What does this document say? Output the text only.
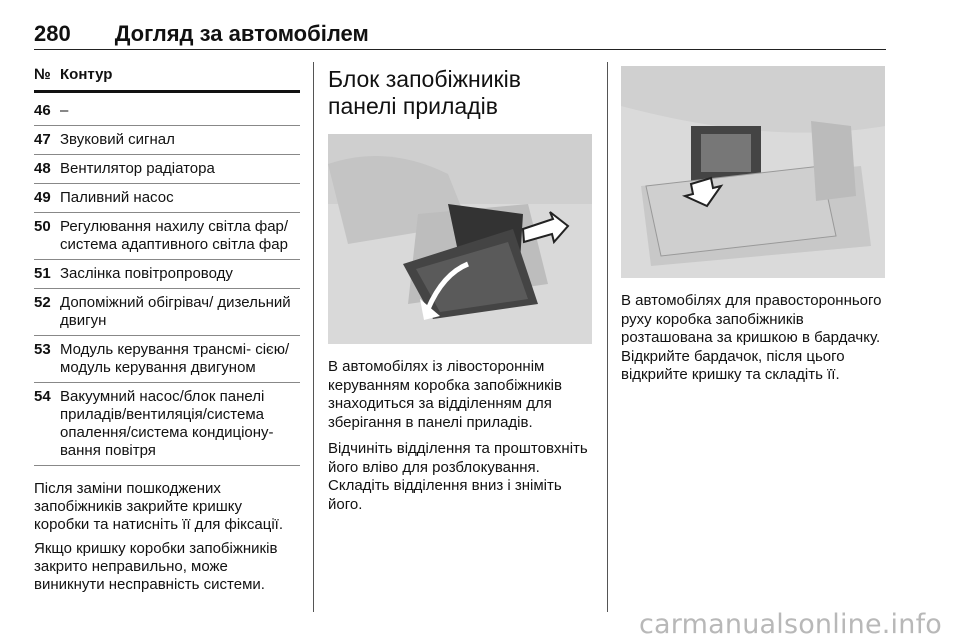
280 Догляд за автомобілем
№ Контур
46 –
47 Звуковий сигнал
48 Вентилятор радіатора
49 Паливний насос
50 Регулювання нахилу світла фар/система адаптивного світла фар
51 Заслінка повітропроводу
52 Допоміжний обігрівач/ дизельний двигун
53 Модуль керування трансмі- сією/модуль керування двигуном
54 Вакуумний насос/блок панелі приладів/вентиляція/система опалення/система кондиціону- вання повітря

Після заміни пошкоджених запобіжників закрийте кришку коробки та натисніть її для фіксації.

Якщо кришку коробки запобіжників закрито неправильно, може виникнути несправність системи.

Блок запобіжників панелі приладів

В автомобілях із лівостороннім керуванням коробка запобіжників знаходиться за відділенням для зберігання в панелі приладів.

Відчиніть відділення та проштовхніть його вліво для розблокування. Складіть відділення вниз і зніміть його.

В автомобілях для правостороннього руху коробка запобіжників розташована за кришкою в бардачку. Відкрийте бардачок, після цього відкрийте кришку та складіть її.

carmanualsonline.info
